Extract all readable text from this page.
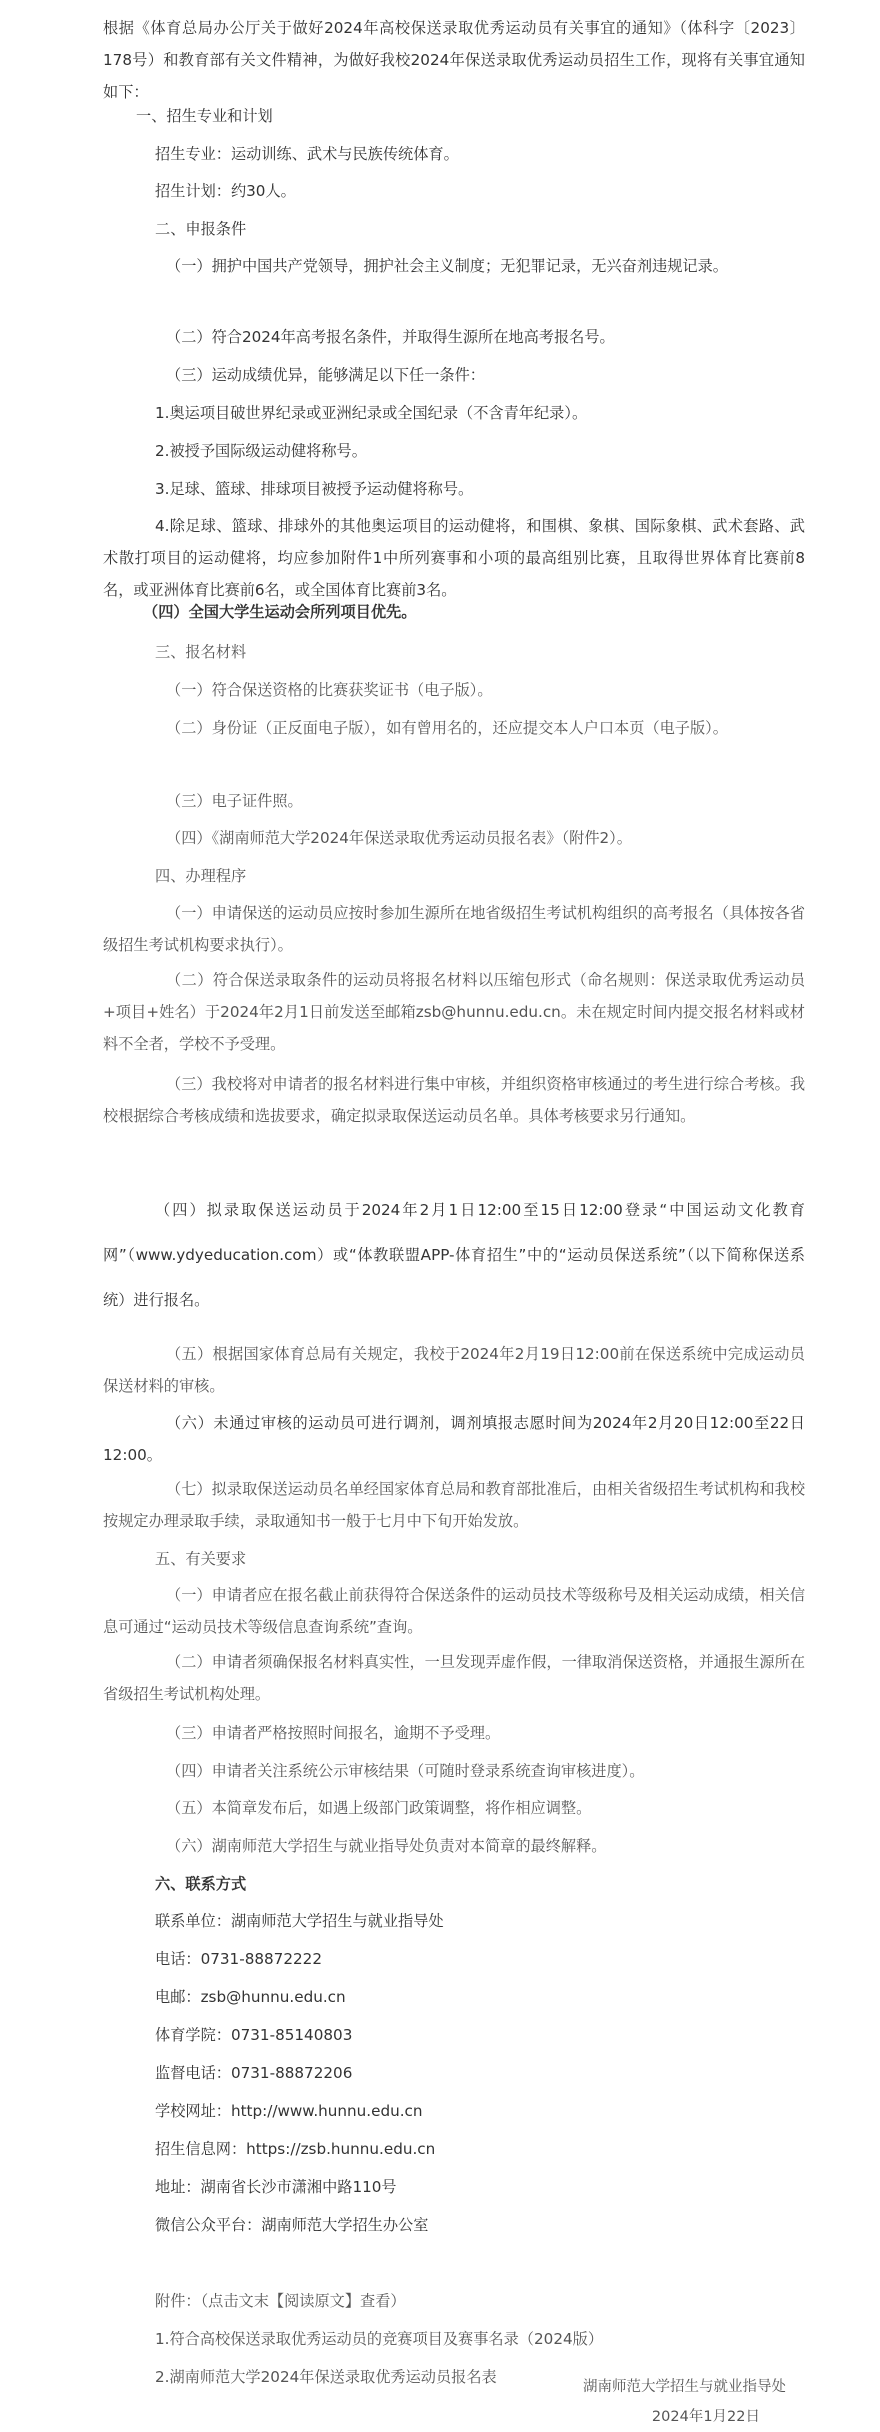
根据《体育总局办公厅关于做好2024年高校保送录取优秀运动员有关事宜的通知》（体科字〔2023〕178号）和教育部有关文件精神，为做好我校2024年保送录取优秀运动员招生工作，现将有关事宜通知如下：

一、招生专业和计划

招生专业：运动训练、武术与民族传统体育。

招生计划：约30人。

二、申报条件

（一）拥护中国共产党领导，拥护社会主义制度；无犯罪记录，无兴奋剂违规记录。

（二）符合2024年高考报名条件，并取得生源所在地高考报名号。

（三）运动成绩优异，能够满足以下任一条件：

1.奥运项目破世界纪录或亚洲纪录或全国纪录（不含青年纪录）。

2.被授予国际级运动健将称号。

3.足球、篮球、排球项目被授予运动健将称号。

4.除足球、篮球、排球外的其他奥运项目的运动健将，和围棋、象棋、国际象棋、武术套路、武术散打项目的运动健将，均应参加附件1中所列赛事和小项的最高组别比赛，且取得世界体育比赛前8名，或亚洲体育比赛前6名，或全国体育比赛前3名。

（四）全国大学生运动会所列项目优先。

三、报名材料

（一）符合保送资格的比赛获奖证书（电子版）。

（二）身份证（正反面电子版），如有曾用名的，还应提交本人户口本页（电子版）。

（三）电子证件照。

（四）《湖南师范大学2024年保送录取优秀运动员报名表》（附件2）。

四、办理程序

（一）申请保送的运动员应按时参加生源所在地省级招生考试机构组织的高考报名（具体按各省级招生考试机构要求执行）。

（二）符合保送录取条件的运动员将报名材料以压缩包形式（命名规则：保送录取优秀运动员+项目+姓名）于2024年2月1日前发送至邮箱zsb@hunnu.edu.cn。未在规定时间内提交报名材料或材料不全者，学校不予受理。

（三）我校将对申请者的报名材料进行集中审核，并组织资格审核通过的考生进行综合考核。我校根据综合考核成绩和选拔要求，确定拟录取保送运动员名单。具体考核要求另行通知。

（四）拟录取保送运动员于2024年2月1日12:00至15日12:00登录“中国运动文化教育网”（www.ydyeducation.com）或“体教联盟APP-体育招生”中的“运动员保送系统”（以下简称保送系统）进行报名。

（五）根据国家体育总局有关规定，我校于2024年2月19日12:00前在保送系统中完成运动员保送材料的审核。

（六）未通过审核的运动员可进行调剂，调剂填报志愿时间为2024年2月20日12:00至22日12:00。

（七）拟录取保送运动员名单经国家体育总局和教育部批准后，由相关省级招生考试机构和我校按规定办理录取手续，录取通知书一般于七月中下旬开始发放。

五、有关要求

（一）申请者应在报名截止前获得符合保送条件的运动员技术等级称号及相关运动成绩，相关信息可通过“运动员技术等级信息查询系统”查询。

（二）申请者须确保报名材料真实性，一旦发现弄虚作假，一律取消保送资格，并通报生源所在省级招生考试机构处理。

（三）申请者严格按照时间报名，逾期不予受理。

（四）申请者关注系统公示审核结果（可随时登录系统查询审核进度）。

（五）本简章发布后，如遇上级部门政策调整，将作相应调整。

（六）湖南师范大学招生与就业指导处负责对本简章的最终解释。

六、联系方式

联系单位：湖南师范大学招生与就业指导处

电话：0731-88872222

电邮：zsb@hunnu.edu.cn

体育学院：0731-85140803

监督电话：0731-88872206

学校网址：http://www.hunnu.edu.cn

招生信息网：https://zsb.hunnu.edu.cn

地址：湖南省长沙市潇湘中路110号

微信公众平台：湖南师范大学招生办公室

附件：（点击文末【阅读原文】查看）

1.符合高校保送录取优秀运动员的竞赛项目及赛事名录（2024版）

2.湖南师范大学2024年保送录取优秀运动员报名表

湖南师范大学招生与就业指导处

2024年1月22日
